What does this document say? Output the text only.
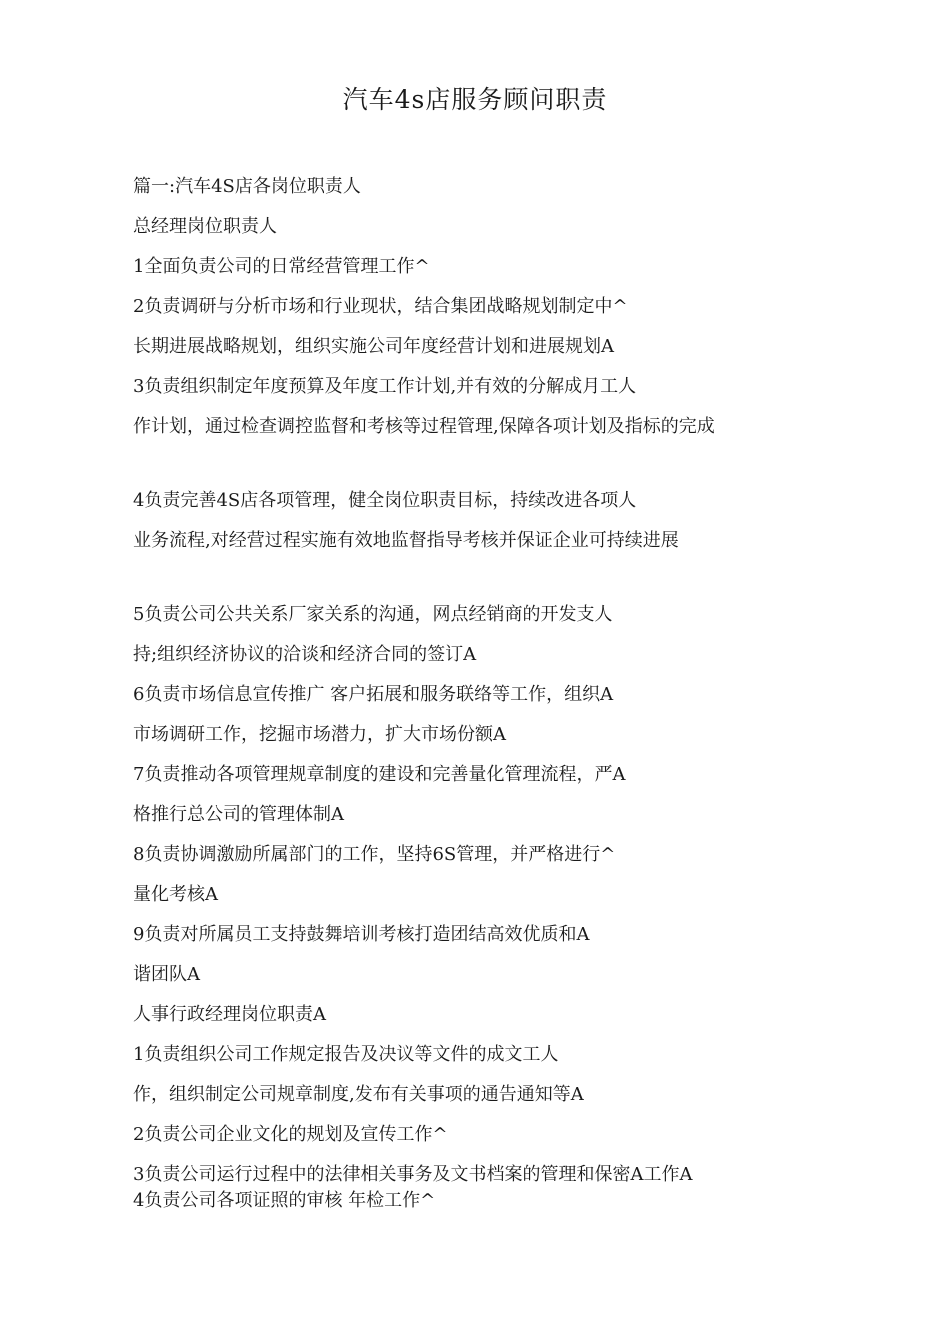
汽车4s店服务顾问职责
篇一:汽车4S店各岗位职责人
总经理岗位职责人
1全面负责公司的日常经营管理工作^
2负责调研与分析市场和行业现状，结合集团战略规划制定中^
长期进展战略规划，组织实施公司年度经营计划和进展规划A
3负责组织制定年度预算及年度工作计划,并有效的分解成月工人
作计划，通过检查调控监督和考核等过程管理,保障各项计划及指标的完成
4负责完善4S店各项管理，健全岗位职责目标，持续改进各项人
业务流程,对经营过程实施有效地监督指导考核并保证企业可持续进展
5负责公司公共关系厂家关系的沟通，网点经销商的开发支人
持;组织经济协议的洽谈和经济合同的签订A
6负责市场信息宣传推广 客户拓展和服务联络等工作，组织A
市场调研工作，挖掘市场潜力，扩大市场份额A
7负责推动各项管理规章制度的建设和完善量化管理流程，严A
格推行总公司的管理体制A
8负责协调激励所属部门的工作，坚持6S管理，并严格进行^
量化考核A
9负责对所属员工支持鼓舞培训考核打造团结高效优质和A
谐团队A
人事行政经理岗位职责A
1负责组织公司工作规定报告及决议等文件的成文工人
作，组织制定公司规章制度,发布有关事项的通告通知等A
2负责公司企业文化的规划及宣传工作^
3负责公司运行过程中的法律相关事务及文书档案的管理和保密A工作A
4负责公司各项证照的审核 年检工作^
